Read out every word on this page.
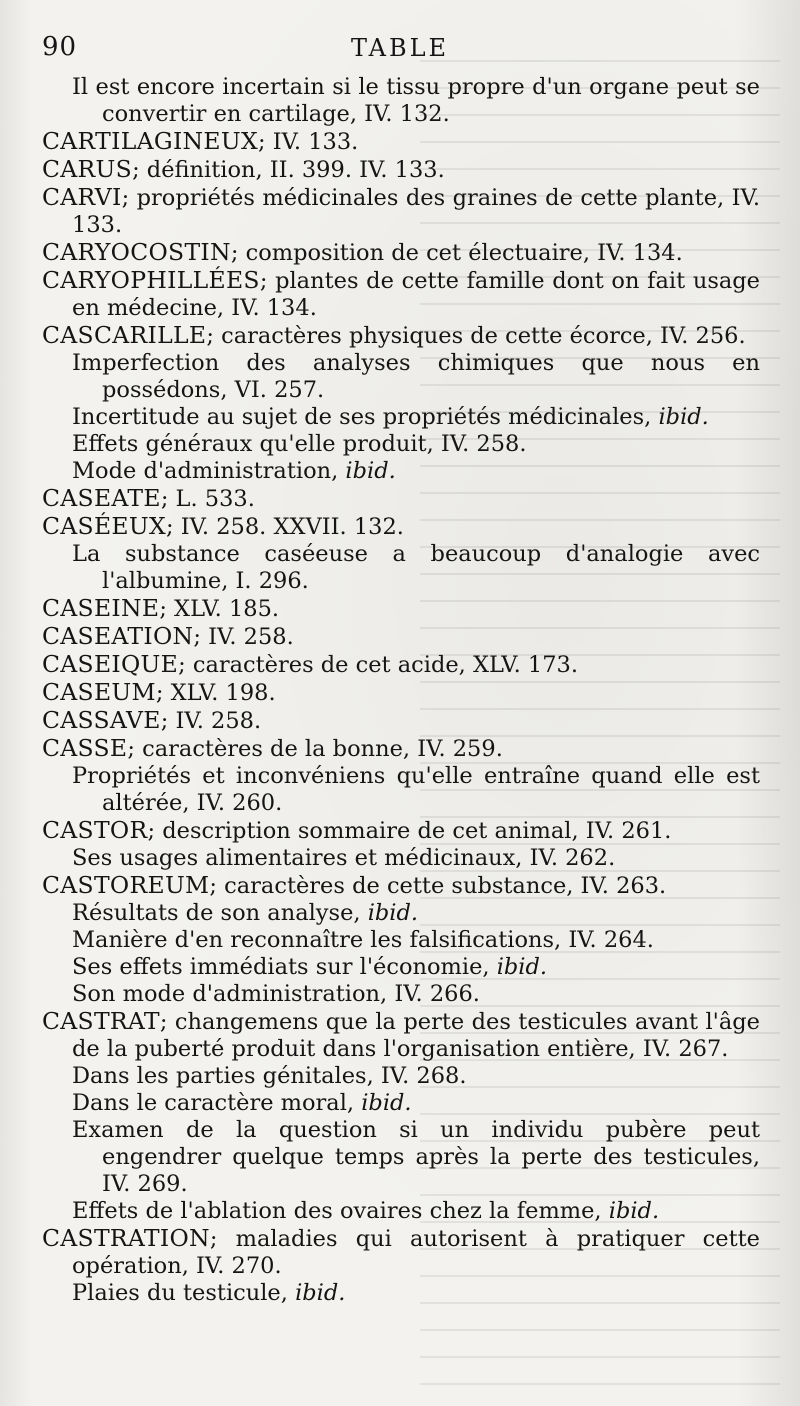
90	TABLE
Il est encore incertain si le tissu propre d'un organe peut se convertir en cartilage, IV. 132.
CARTILAGINEUX; IV. 133.
CARUS; définition, II. 399. IV. 133.
CARVI; propriétés médicinales des graines de cette plante, IV. 133.
CARYOCOSTIN; composition de cet électuaire, IV. 134.
CARYOPHILLÉES; plantes de cette famille dont on fait usage en médecine, IV. 134.
CASCARILLE; caractères physiques de cette écorce, IV. 256.
Imperfection des analyses chimiques que nous en possédons, VI. 257.
Incertitude au sujet de ses propriétés médicinales, ibid.
Effets généraux qu'elle produit, IV. 258.
Mode d'administration, ibid.
CASEATE; L. 533.
CASÉEUX; IV. 258. XXVII. 132.
La substance caséeuse a beaucoup d'analogie avec l'albumine, I. 296.
CASEINE; XLV. 185.
CASEATION; IV. 258.
CASEIQUE; caractères de cet acide, XLV. 173.
CASEUM; XLV. 198.
CASSAVE; IV. 258.
CASSE; caractères de la bonne, IV. 259.
Propriétés et inconvéniens qu'elle entraîne quand elle est altérée, IV. 260.
CASTOR; description sommaire de cet animal, IV. 261.
Ses usages alimentaires et médicinaux, IV. 262.
CASTOREUM; caractères de cette substance, IV. 263.
Résultats de son analyse, ibid.
Manière d'en reconnaître les falsifications, IV. 264.
Ses effets immédiats sur l'économie, ibid.
Son mode d'administration, IV. 266.
CASTRAT; changemens que la perte des testicules avant l'âge de la puberté produit dans l'organisation entière, IV. 267.
Dans les parties génitales, IV. 268.
Dans le caractère moral, ibid.
Examen de la question si un individu pubère peut engendrer quelque temps après la perte des testicules, IV. 269.
Effets de l'ablation des ovaires chez la femme, ibid.
CASTRATION; maladies qui autorisent à pratiquer cette opération, IV. 270.
Plaies du testicule, ibid.
